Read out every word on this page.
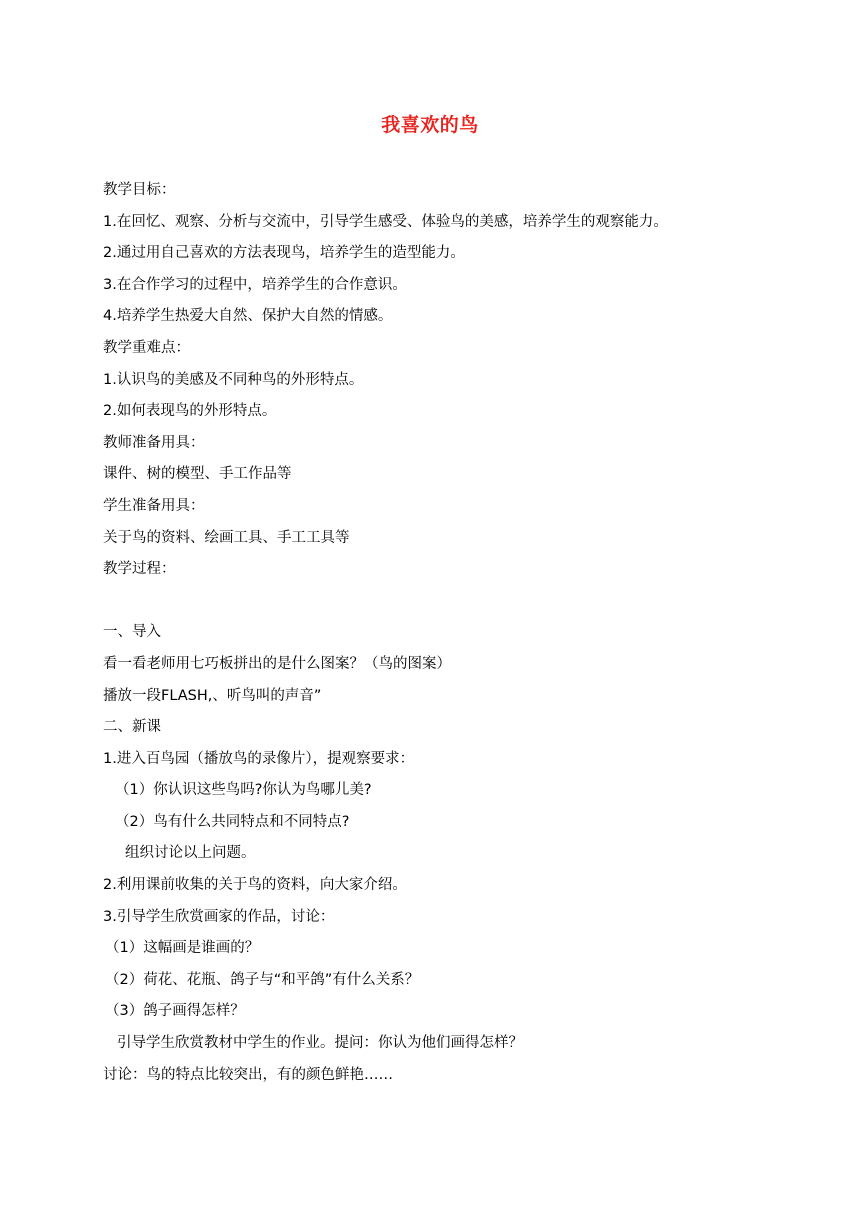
我喜欢的鸟
教学目标：
1.在回忆、观察、分析与交流中，引导学生感受、体验鸟的美感，培养学生的观察能力。
2.通过用自己喜欢的方法表现鸟，培养学生的造型能力。
3.在合作学习的过程中，培养学生的合作意识。
4.培养学生热爱大自然、保护大自然的情感。
教学重难点：
1.认识鸟的美感及不同种鸟的外形特点。
2.如何表现鸟的外形特点。
教师准备用具：
课件、树的模型、手工作品等
学生准备用具：
关于鸟的资料、绘画工具、手工工具等
教学过程：
一、导入
看一看老师用七巧板拼出的是什么图案？（鸟的图案）
播放一段FLASH,、听鸟叫的声音”
二、新课
1.进入百鸟园（播放鸟的录像片），提观察要求：
（1）你认识这些鸟吗?你认为鸟哪儿美?
（2）鸟有什么共同特点和不同特点?
组织讨论以上问题。
2.利用课前收集的关于鸟的资料，向大家介绍。
3.引导学生欣赏画家的作品，讨论：
（1）这幅画是谁画的？
（2）荷花、花瓶、鸽子与“和平鸽”有什么关系？
（3）鸽子画得怎样？
引导学生欣赏教材中学生的作业。提问：你认为他们画得怎样？
讨论：鸟的特点比较突出，有的颜色鲜艳……
